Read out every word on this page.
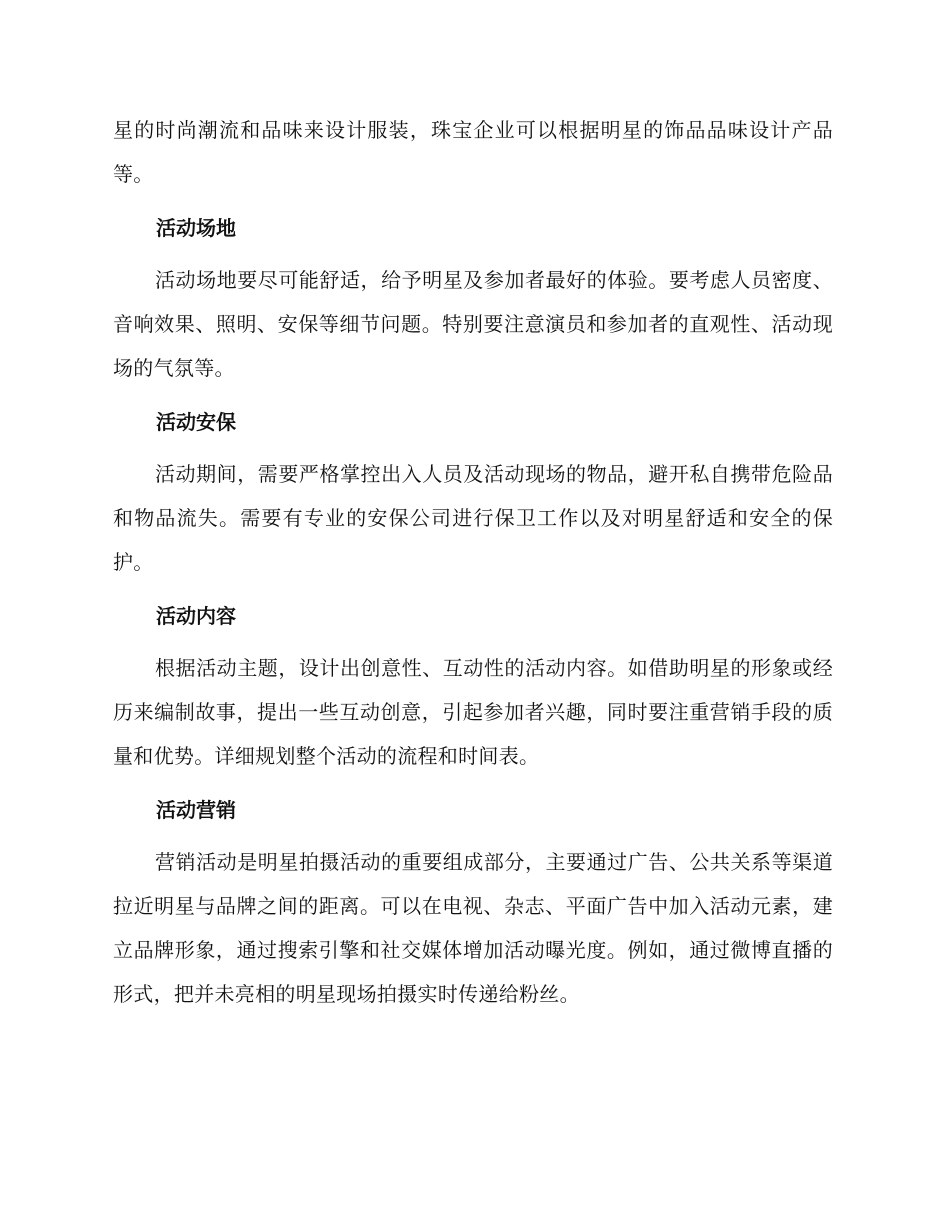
星的时尚潮流和品味来设计服装，珠宝企业可以根据明星的饰品品味设计产品等。

活动场地

活动场地要尽可能舒适，给予明星及参加者最好的体验。要考虑人员密度、音响效果、照明、安保等细节问题。特别要注意演员和参加者的直观性、活动现场的气氛等。

活动安保

活动期间，需要严格掌控出入人员及活动现场的物品，避开私自携带危险品和物品流失。需要有专业的安保公司进行保卫工作以及对明星舒适和安全的保护。

活动内容

根据活动主题，设计出创意性、互动性的活动内容。如借助明星的形象或经历来编制故事，提出一些互动创意，引起参加者兴趣，同时要注重营销手段的质量和优势。详细规划整个活动的流程和时间表。

活动营销

营销活动是明星拍摄活动的重要组成部分，主要通过广告、公共关系等渠道拉近明星与品牌之间的距离。可以在电视、杂志、平面广告中加入活动元素，建立品牌形象，通过搜索引擎和社交媒体增加活动曝光度。例如，通过微博直播的形式，把并未亮相的明星现场拍摄实时传递给粉丝。
